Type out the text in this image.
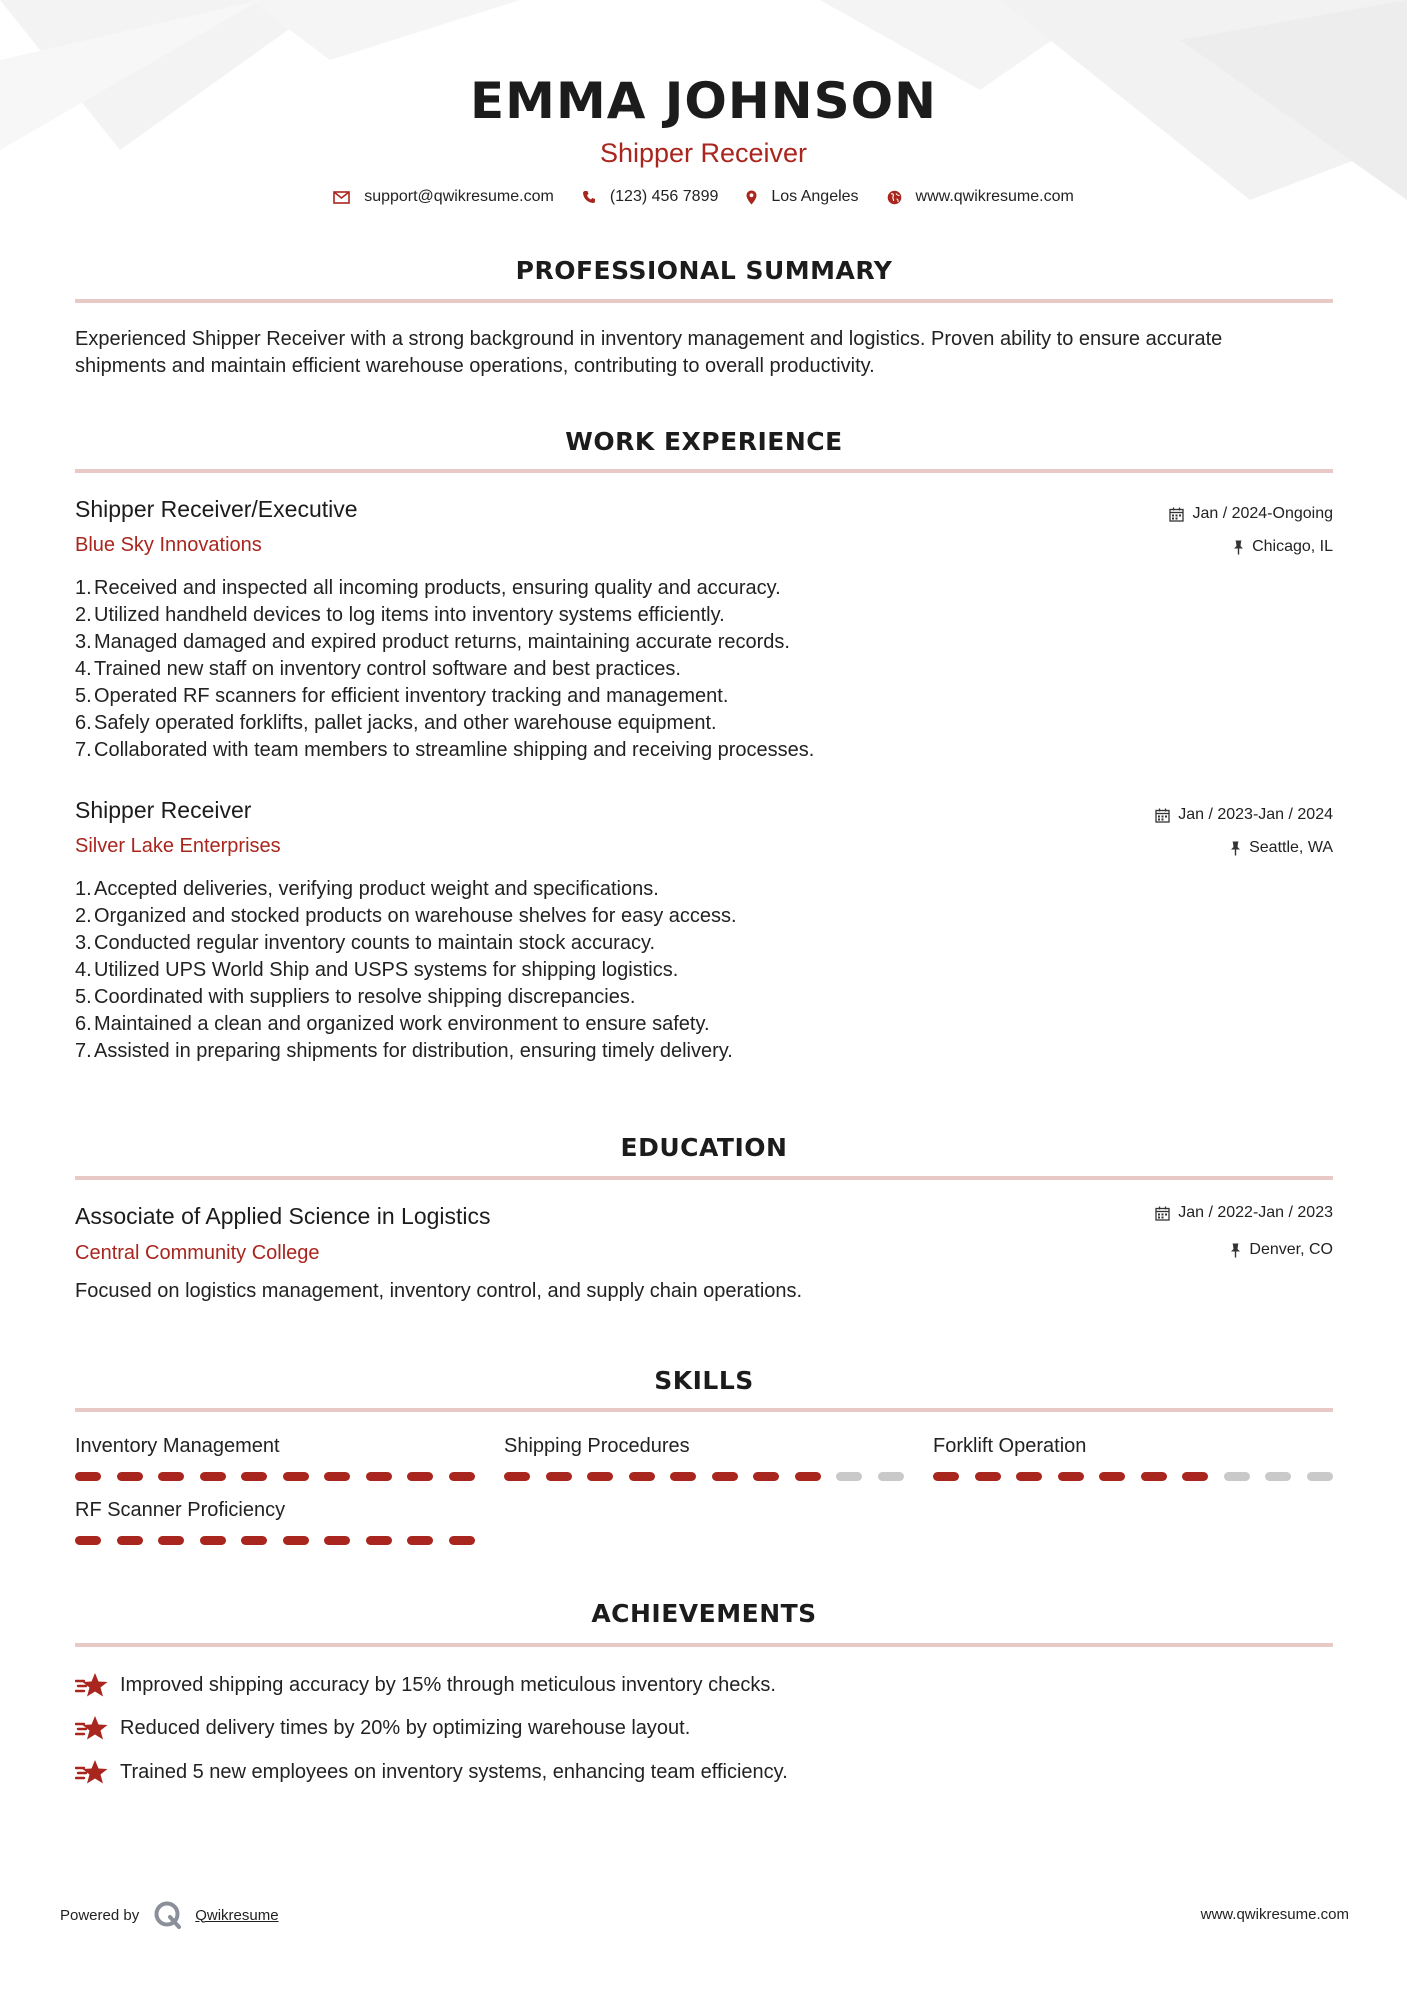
EMMA JOHNSON
Shipper Receiver
support@qwikresume.com	(123) 456 7899	Los Angeles	www.qwikresume.com
PROFESSIONAL SUMMARY
Experienced Shipper Receiver with a strong background in inventory management and logistics. Proven ability to ensure accurate
shipments and maintain efficient warehouse operations, contributing to overall productivity.
WORK EXPERIENCE
Shipper Receiver/Executive
Blue Sky Innovations
Jan / 2024-Ongoing
Chicago, IL
1. Received and inspected all incoming products, ensuring quality and accuracy.
2. Utilized handheld devices to log items into inventory systems efficiently.
3. Managed damaged and expired product returns, maintaining accurate records.
4. Trained new staff on inventory control software and best practices.
5. Operated RF scanners for efficient inventory tracking and management.
6. Safely operated forklifts, pallet jacks, and other warehouse equipment.
7. Collaborated with team members to streamline shipping and receiving processes.
Shipper Receiver
Silver Lake Enterprises
Jan / 2023-Jan / 2024
Seattle, WA
1. Accepted deliveries, verifying product weight and specifications.
2. Organized and stocked products on warehouse shelves for easy access.
3. Conducted regular inventory counts to maintain stock accuracy.
4. Utilized UPS World Ship and USPS systems for shipping logistics.
5. Coordinated with suppliers to resolve shipping discrepancies.
6. Maintained a clean and organized work environment to ensure safety.
7. Assisted in preparing shipments for distribution, ensuring timely delivery.
EDUCATION
Associate of Applied Science in Logistics
Central Community College
Jan / 2022-Jan / 2023
Denver, CO
Focused on logistics management, inventory control, and supply chain operations.
SKILLS
Inventory Management	Shipping Procedures	Forklift Operation
RF Scanner Proficiency
ACHIEVEMENTS
Improved shipping accuracy by 15% through meticulous inventory checks.
Reduced delivery times by 20% by optimizing warehouse layout.
Trained 5 new employees on inventory systems, enhancing team efficiency.
Powered by	Qwikresume	www.qwikresume.com
